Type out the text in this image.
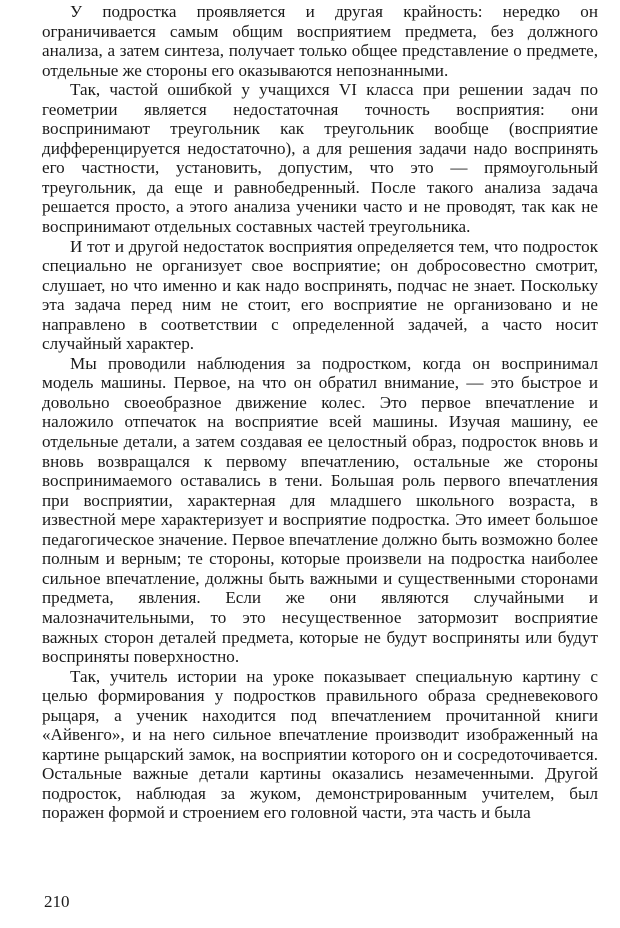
У подростка проявляется и другая крайность: нередко он ограничивается самым общим восприятием предмета, без должного анализа, а затем синтеза, получает только общее представление о предмете, отдельные же стороны его оказываются непознанными.

Так, частой ошибкой у учащихся VI класса при решении задач по геометрии является недостаточная точность восприятия: они воспринимают треугольник как треугольник вообще (восприятие дифференцируется недостаточно), а для решения задачи надо воспринять его частности, установить, допустим, что это — прямоугольный треугольник, да еще и равнобедренный. После такого анализа задача решается просто, а этого анализа ученики часто и не проводят, так как не воспринимают отдельных составных частей треугольника.

И тот и другой недостаток восприятия определяется тем, что подросток специально не организует свое восприятие; он добросовестно смотрит, слушает, но что именно и как надо воспринять, подчас не знает. Поскольку эта задача перед ним не стоит, его восприятие не организовано и не направлено в соответствии с определенной задачей, а часто носит случайный характер.

Мы проводили наблюдения за подростком, когда он воспринимал модель машины. Первое, на что он обратил внимание, — это быстрое и довольно своеобразное движение колес. Это первое впечатление и наложило отпечаток на восприятие всей машины. Изучая машину, ее отдельные детали, а затем создавая ее целостный образ, подросток вновь и вновь возвращался к первому впечатлению, остальные же стороны воспринимаемого оставались в тени. Большая роль первого впечатления при восприятии, характерная для младшего школьного возраста, в известной мере характеризует и восприятие подростка. Это имеет большое педагогическое значение. Первое впечатление должно быть возможно более полным и верным; те стороны, которые произвели на подростка наиболее сильное впечатление, должны быть важными и существенными сторонами предмета, явления. Если же они являются случайными и малозначительными, то это несущественное затормозит восприятие важных сторон деталей предмета, которые не будут восприняты или будут восприняты поверхностно.

Так, учитель истории на уроке показывает специальную картину с целью формирования у подростков правильного образа средневекового рыцаря, а ученик находится под впечатлением прочитанной книги «Айвенго», и на него сильное впечатление производит изображенный на картине рыцарский замок, на восприятии которого он и сосредоточивается. Остальные важные детали картины оказались незамеченными. Другой подросток, наблюдая за жуком, демонстрированным учителем, был поражен формой и строением его головной части, эта часть и была

210
